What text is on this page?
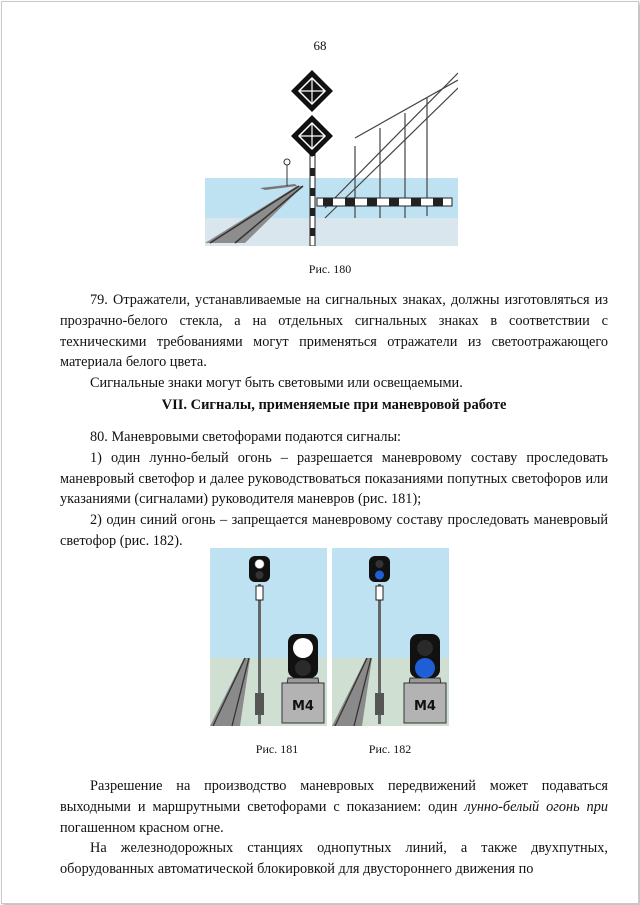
68
Рис. 180

79. Отражатели, устанавливаемые на сигнальных знаках, должны изготовляться из прозрачно-белого стекла, а на отдельных сигнальных знаках в соответствии с техническими требованиями могут применяться отражатели из светоотражающего материала белого цвета.

Сигнальные знаки могут быть световыми или освещаемыми.

VII. Сигналы, применяемые при маневровой работе

80. Маневровыми светофорами подаются сигналы:

1) один лунно-белый огонь – разрешается маневровому составу проследовать маневровый светофор и далее руководствоваться показаниями попутных светофоров или указаниями (сигналами) руководителя маневров (рис. 181);

2) один синий огонь – запрещается маневровому составу проследовать маневровый светофор (рис. 182).

М4
Рис. 181
М4
Рис. 182

Разрешение на производство маневровых передвижений может подаваться выходными и маршрутными светофорами с показанием: один лунно-белый огонь при погашенном красном огне.

На железнодорожных станциях однопутных линий, а также двухпутных, оборудованных автоматической блокировкой для двустороннего движения по
